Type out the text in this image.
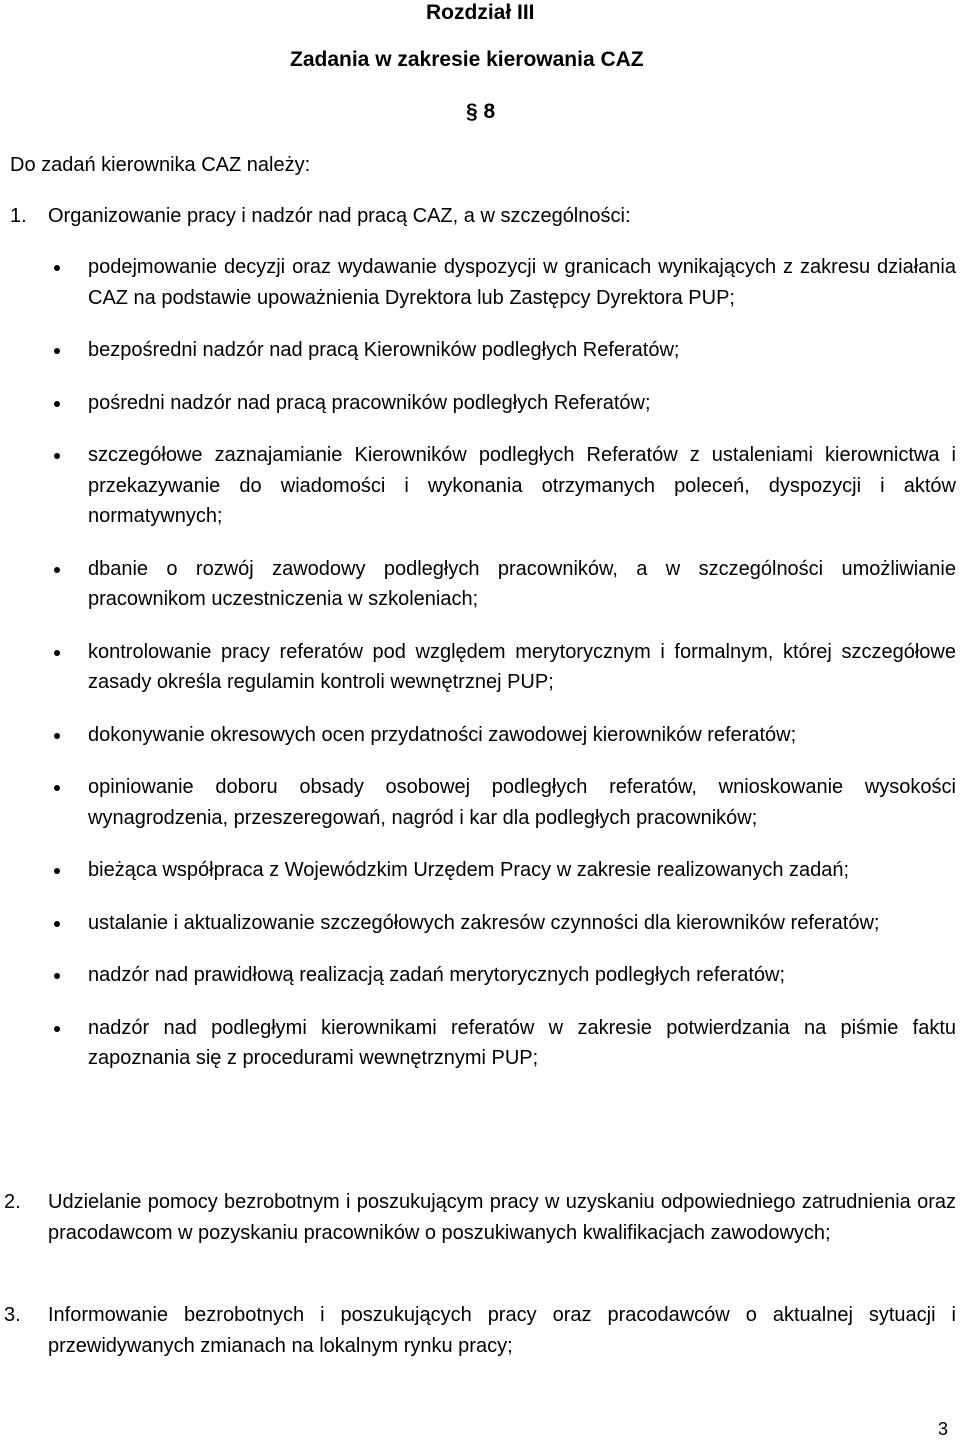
Rozdział III
Zadania w zakresie kierowania CAZ
§ 8
Do zadań kierownika CAZ należy:
1. Organizowanie pracy i nadzór nad pracą CAZ, a w szczególności:
podejmowanie decyzji oraz wydawanie dyspozycji w granicach wynikających z zakresu działania CAZ na podstawie upoważnienia Dyrektora lub Zastępcy Dyrektora PUP;
bezpośredni nadzór nad pracą Kierowników podległych Referatów;
pośredni nadzór nad pracą pracowników podległych Referatów;
szczegółowe zaznajamianie Kierowników podległych Referatów z ustaleniami kierownictwa i przekazywanie do wiadomości i wykonania otrzymanych poleceń, dyspozycji i aktów normatywnych;
dbanie o rozwój zawodowy podległych pracowników, a w szczególności umożliwianie pracownikom uczestniczenia w szkoleniach;
kontrolowanie pracy referatów pod względem merytorycznym i formalnym, której szczegółowe zasady określa regulamin kontroli wewnętrznej PUP;
dokonywanie okresowych ocen przydatności zawodowej kierowników referatów;
opiniowanie doboru obsady osobowej podległych referatów, wnioskowanie wysokości wynagrodzenia, przeszeregowań, nagród i kar dla podległych pracowników;
bieżąca współpraca z Wojewódzkim Urzędem Pracy w zakresie realizowanych zadań;
ustalanie i aktualizowanie szczegółowych zakresów czynności dla kierowników referatów;
nadzór nad prawidłową realizacją zadań merytorycznych podległych referatów;
nadzór nad podległymi kierownikami referatów w zakresie potwierdzania na piśmie faktu zapoznania się z procedurami wewnętrznymi PUP;
2. Udzielanie pomocy bezrobotnym i poszukującym pracy w uzyskaniu odpowiedniego zatrudnienia oraz pracodawcom w pozyskaniu pracowników o poszukiwanych kwalifikacjach zawodowych;
3. Informowanie bezrobotnych i poszukujących pracy oraz pracodawców o aktualnej sytuacji i przewidywanych zmianach na lokalnym rynku pracy;
3
